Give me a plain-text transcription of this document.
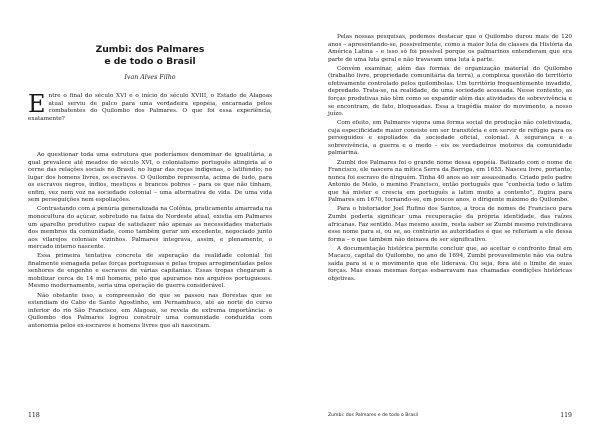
Zumbi: dos Palmares
e de todo o Brasil
Ivan Alves Filho

Entre o final do século XVI e o início do século XVIII, o Estado de Alagoas atual serviu de palco para uma verdadeira epopéia, encarnada pelos combatentes do Quilombo dos Palmares. O que foi essa experiência, exatamente?

Ao questionar toda uma estrutura que poderíamos denominar de igualitária, a qual prevalece até meados do século XVI, o colonialismo português atingiria aí o cerne das relações sociais no Brasil: no lugar das roças indígenas, o latifúndio; no lugar dos homens livres, os escravos. O Quilombo representa, acima de tudo, para os escravos negros, índios, mestiços e brancos pobres – para os que não tinham, enfim, vez nem voz na sociedade colonial – uma alternativa de vida. De uma vida sem perseguições nem espoliações.

Contrastando com a penúria generalizada na Colônia, praticamente amarrada na monocultura do açúcar, sobretudo na faixa do Nordeste atual, existia em Palmares um aparelho produtivo capaz de satisfazer não apenas as necessidades materiais dos membros da comunidade, como também gerar um excedente, negociado junto aos vilarejos coloniais vizinhos. Palmares integrava, assim, e plenamente, o mercado interno nascente.

Essa primeira tentativa concreta de superação da realidade colonial foi finalmente esmagada pelas forças portuguesas e pelas tropas arregimentadas pelos senhores de engenho e escravos de várias capitanias. Essas tropas chegaram a mobilizar cerca de 14 mil homens, pelo que apuramos nos arquivos portugueses. Mesmo modernamente, seria uma operação de guerra considerável.

Não obstante isso, a compreensão do que se passou nas florestas que se estendiam do Cabo de Santo Agostinho, em Pernambuco, até ao norte do curso inferior do rio São Francisco, em Alagoas, se revela de extrema importância: o Quilombo dos Palmares logrou construir uma comunidade conduzida com autonomia pelos ex-escravos e homens livres que ali nasceram.

118

Pelas nossas pesquisas, podemos destacar que o Quilombo durou mais de 120 anos – apresentando-se, possivelmente, como a maior luta de classes da História da América Latina – e isso só foi possível porque os palmarinos entenderam que era parte de uma luta geral e não travavam uma luta à parte.

Convém examinar, além das formas de organização material do Quilombo (trabalho livre, propriedade comunitária da terra), a complexa questão do território efetivamente controlado pelos quilombolas. Um território frequentemente invadido, depredado. Trata-se, na realidade, de uma sociedade acossada. Nesse contexto, as forças produtivas não têm como se expandir além das atividades de sobrevivência e se encontram, de fato, bloqueadas. Essa a tragédia maior do movimento, a nosso juízo.

Com efeito, em Palmares vigora uma forma social de produção não coletivizada, cuja especificidade maior consiste em ser transitória e em servir de refúgio para os perseguidos e espoliados da sociedade oficial, colonial. A segurança e a sobrevivência, a guerra e o medo – eis os verdadeiros motores da comunidade palmarina.

Zumbi dos Palmares foi o grande nome dessa epopéia. Batizado com o nome de Francisco, ele nascera na mítica Serra da Barriga, em 1655. Nasceu livre, portanto; nunca foi escravo de ninguém. Tinha 40 anos ao ser assassinado. Criado pelo padre Antonio de Melo, o menino Francisco, então português que “conhecia todo o latim que há mister e crescia em português a latim muito a contento”, fugira para Palmares em 1670, tornando-se, em poucos anos, o dirigente máximo do Quilombo.

Para o historiador Joel Rufino dos Santos, a troca de nomes de Francisco para Zumbi poderia significar uma recuperação da própria identidade, das raízes africanas. Faz sentido. Mas mesmo assim, resta saber se Zumbi mesmo reivindicava esse nome para si, ou se, ao contrário as autoridades é que se referiam a ele dessa forma – o que também não deixava de ser significativo.

A documentação histórica permite concluir que, ao aceitar o confronto final em Macaco, capital do Quilombo, no ano de 1694, Zumbi provavelmente não via outra saída para si e o movimento que ele liderava. Ou seja, fora até o limite de suas forças. Mas essas mesmas forças esbarravam nas chamadas condições históricas objetivas.

Zumbi: dos Palmares e de todo o Brasil	119
